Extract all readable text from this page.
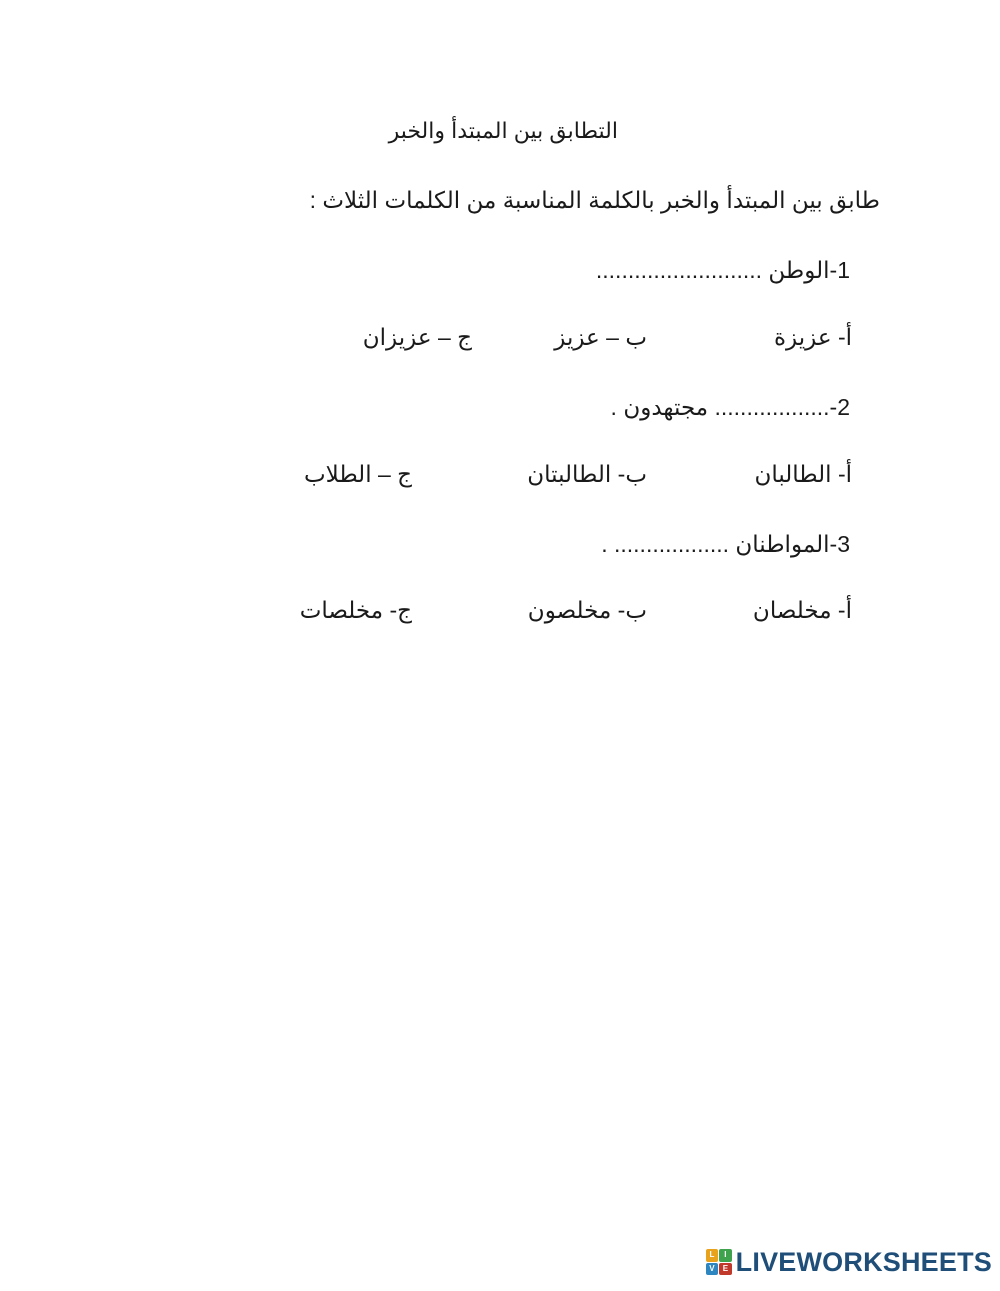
التطابق بين المبتدأ والخبر
طابق بين المبتدأ والخبر بالكلمة المناسبة من الكلمات الثلاث :
1-الوطن ..........................
أ- عزيزة
ب – عزيز
ج – عزيزان
2-.................. مجتهدون .
أ- الطالبان
ب- الطالبتان
ج – الطلاب
3-المواطنان .................. .
أ- مخلصان
ب- مخلصون
ج- مخلصات
L	I
V	E LIVEWORKSHEETS
